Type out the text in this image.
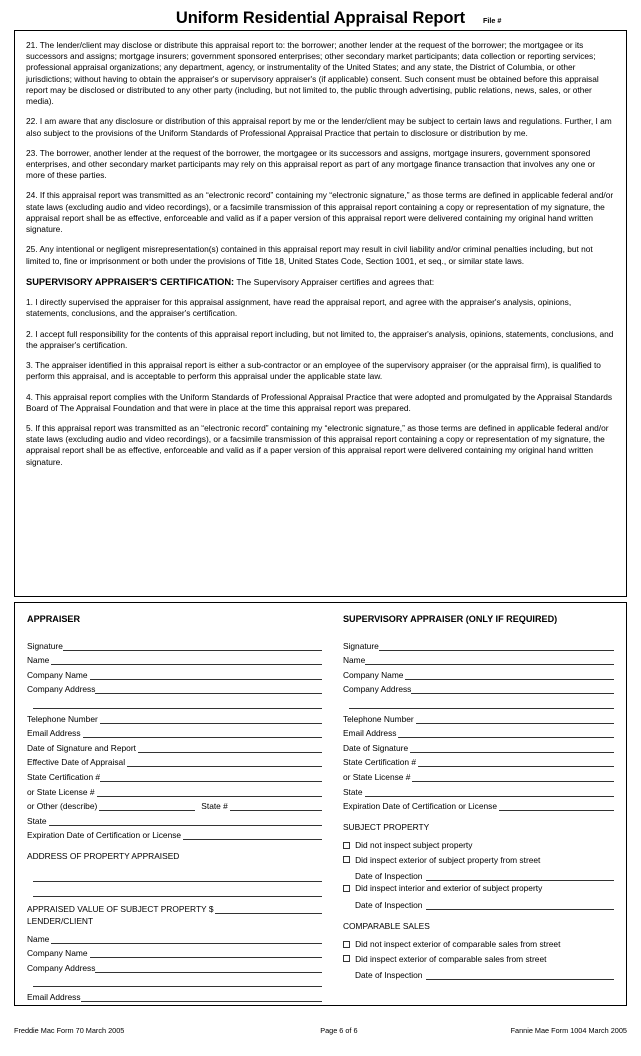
Uniform Residential Appraisal Report File #

21. The lender/client may disclose or distribute this appraisal report to: the borrower; another lender at the request of the borrower; the mortgagee or its successors and assigns; mortgage insurers; government sponsored enterprises; other secondary market participants; data collection or reporting services; professional appraisal organizations; any department, agency, or instrumentality of the United States; and any state, the District of Columbia, or other jurisdictions; without having to obtain the appraiser's or supervisory appraiser's (if applicable) consent. Such consent must be obtained before this appraisal report may be disclosed or distributed to any other party (including, but not limited to, the public through advertising, public relations, news, sales, or other media).

22. I am aware that any disclosure or distribution of this appraisal report by me or the lender/client may be subject to certain laws and regulations. Further, I am also subject to the provisions of the Uniform Standards of Professional Appraisal Practice that pertain to disclosure or distribution by me.

23. The borrower, another lender at the request of the borrower, the mortgagee or its successors and assigns, mortgage insurers, government sponsored enterprises, and other secondary market participants may rely on this appraisal report as part of any mortgage finance transaction that involves any one or more of these parties.

24. If this appraisal report was transmitted as an “electronic record” containing my “electronic signature,” as those terms are defined in applicable federal and/or state laws (excluding audio and video recordings), or a facsimile transmission of this appraisal report containing a copy or representation of my signature, the appraisal report shall be as effective, enforceable and valid as if a paper version of this appraisal report were delivered containing my original hand written signature.

25. Any intentional or negligent misrepresentation(s) contained in this appraisal report may result in civil liability and/or criminal penalties including, but not limited to, fine or imprisonment or both under the provisions of Title 18, United States Code, Section 1001, et seq., or similar state laws.

SUPERVISORY APPRAISER'S CERTIFICATION: The Supervisory Appraiser certifies and agrees that:

1. I directly supervised the appraiser for this appraisal assignment, have read the appraisal report, and agree with the appraiser's analysis, opinions, statements, conclusions, and the appraiser's certification.

2. I accept full responsibility for the contents of this appraisal report including, but not limited to, the appraiser's analysis, opinions, statements, conclusions, and the appraiser's certification.

3. The appraiser identified in this appraisal report is either a sub-contractor or an employee of the supervisory appraiser (or the appraisal firm), is qualified to perform this appraisal, and is acceptable to perform this appraisal under the applicable state law.

4. This appraisal report complies with the Uniform Standards of Professional Appraisal Practice that were adopted and promulgated by the Appraisal Standards Board of The Appraisal Foundation and that were in place at the time this appraisal report was prepared.

5. If this appraisal report was transmitted as an “electronic record” containing my “electronic signature,” as those terms are defined in applicable federal and/or state laws (excluding audio and video recordings), or a facsimile transmission of this appraisal report containing a copy or representation of my signature, the appraisal report shall be as effective, enforceable and valid as if a paper version of this appraisal report were delivered containing my original hand written signature.

APPRAISER
Signature
Name
Company Name
Company Address
Telephone Number
Email Address
Date of Signature and Report
Effective Date of Appraisal
State Certification #
or State License #
or Other (describe)	State #
State
Expiration Date of Certification or License
ADDRESS OF PROPERTY APPRAISED
APPRAISED VALUE OF SUBJECT PROPERTY $
LENDER/CLIENT
Name
Company Name
Company Address
Email Address
SUPERVISORY APPRAISER (ONLY IF REQUIRED)
Signature
Name
Company Name
Company Address
Telephone Number
Email Address
Date of Signature
State Certification #
or State License #
State
Expiration Date of Certification or License
SUBJECT PROPERTY
Did not inspect subject property
Did inspect exterior of subject property from street
Date of Inspection
Did inspect interior and exterior of subject property
Date of Inspection
COMPARABLE SALES
Did not inspect exterior of comparable sales from street
Did inspect exterior of comparable sales from street
Date of Inspection
Freddie Mac Form 70 March 2005	Page 6 of 6	Fannie Mae Form 1004 March 2005
